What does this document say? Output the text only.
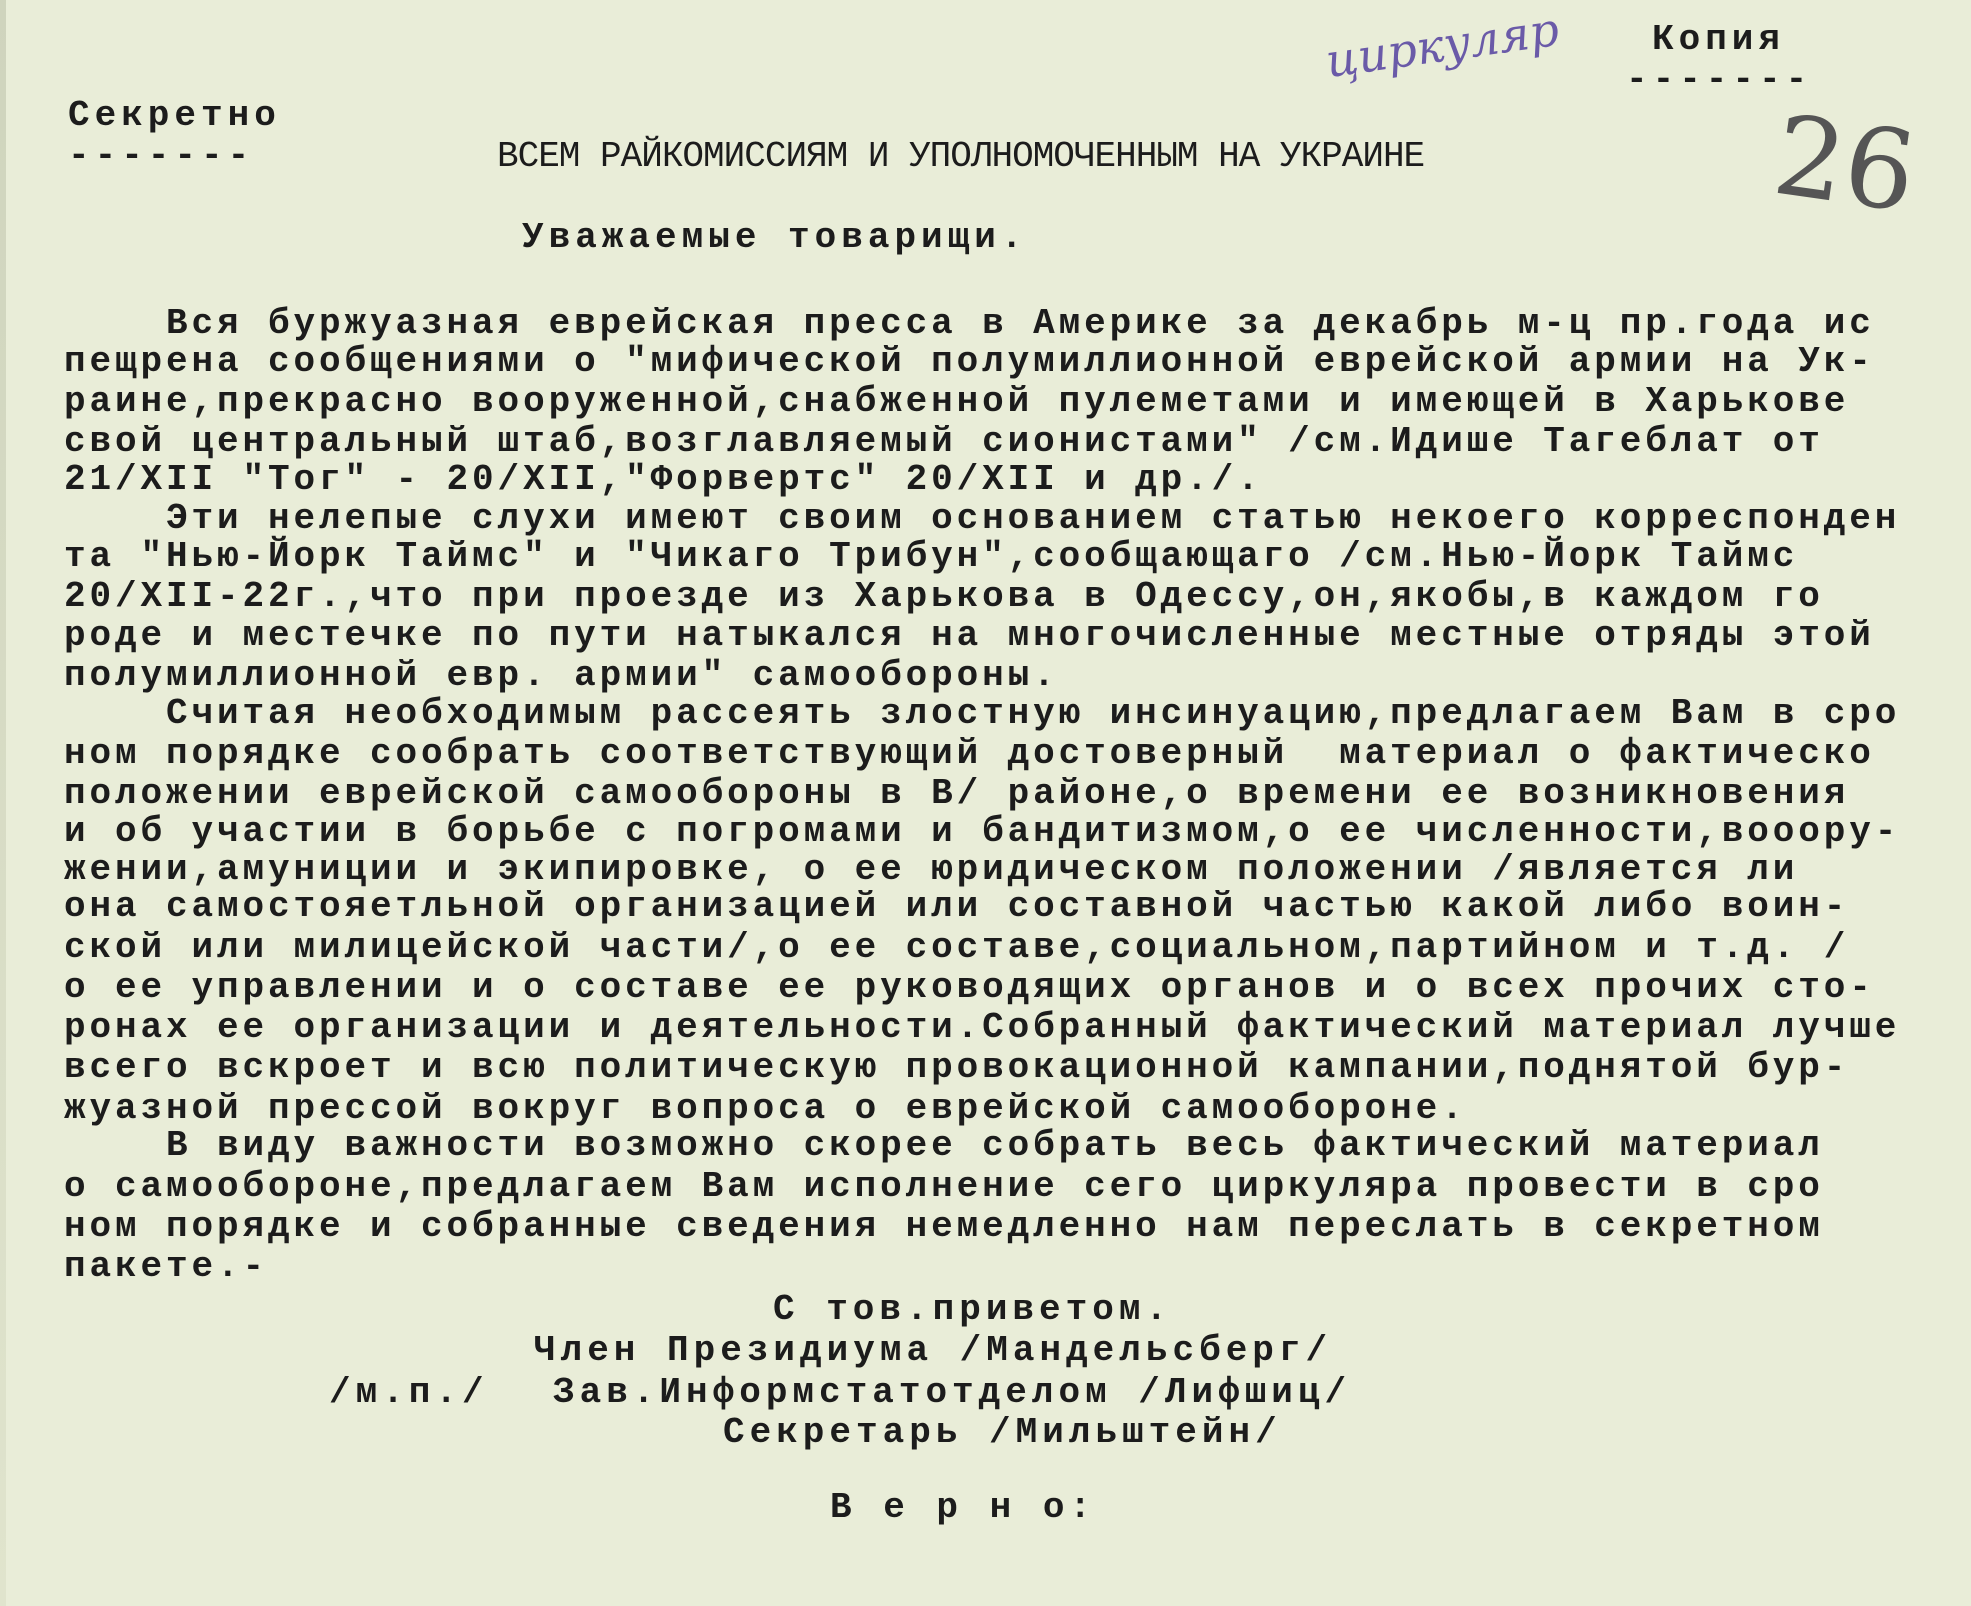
Секретно
-------
Копия
-------
циркуляр
26
ВСЕМ РАЙКОМИССИЯМ И УПОЛНОМОЧЕННЫМ НА УКРАИНЕ
Уважаемые товарищи.
Вся буржуазная еврейская пресса в Америке за декабрь м-ц пр.года ис
пещрена сообщениями о "мифической полумиллионной еврейской армии на Ук-
раине,прекрасно вооруженной,снабженной пулеметами и имеющей в Харькове
свой центральный штаб,возглавляемый сионистами" /см.Идише Тагеблат от
21/XII "Тог" - 20/XII,"Форвертс" 20/XII и др./.
Эти нелепые слухи имеют своим основанием статью некоего корреспонден
та "Нью-Йорк Таймс" и "Чикаго Трибун",сообщающаго /см.Нью-Йорк Таймс
20/XII-22г.,что при проезде из Харькова в Одессу,он,якобы,в каждом го
роде и местечке по пути натыкался на многочисленные местные отряды этой
полумиллионной евр. армии" самообороны.
Считая необходимым рассеять злостную инсинуацию,предлагаем Вам в сро
ном порядке сообрать соответствующий достоверный  материал о фактическо
положении еврейской самообороны в В/ районе,о времени ее возникновения
и об участии в борьбе с погромами и бандитизмом,о ее численности,вооору-
жении,амуниции и экипировке, о ее юридическом положении /является ли
она самостояетльной организацией или составной частью какой либо воин-
ской или милицейской части/,о ее составе,социальном,партийном и т.д. /
о ее управлении и о составе ее руководящих органов и о всех прочих сто-
ронах ее организации и деятельности.Собранный фактический материал лучше
всего вскроет и всю политическую провокационной кампании,поднятой бур-
жуазной прессой вокруг вопроса о еврейской самообороне.
В виду важности возможно скорее собрать весь фактический материал
о самообороне,предлагаем Вам исполнение сего циркуляра провести в сро
ном порядке и собранные сведения немедленно нам переслать в секретном
пакете.-
С тов.приветом.
Член Президиума /Мандельсберг/
/м.п./ Зав.Информстатотделом /Лифшиц/
Секретарь /Мильштейн/
В е р н о:
